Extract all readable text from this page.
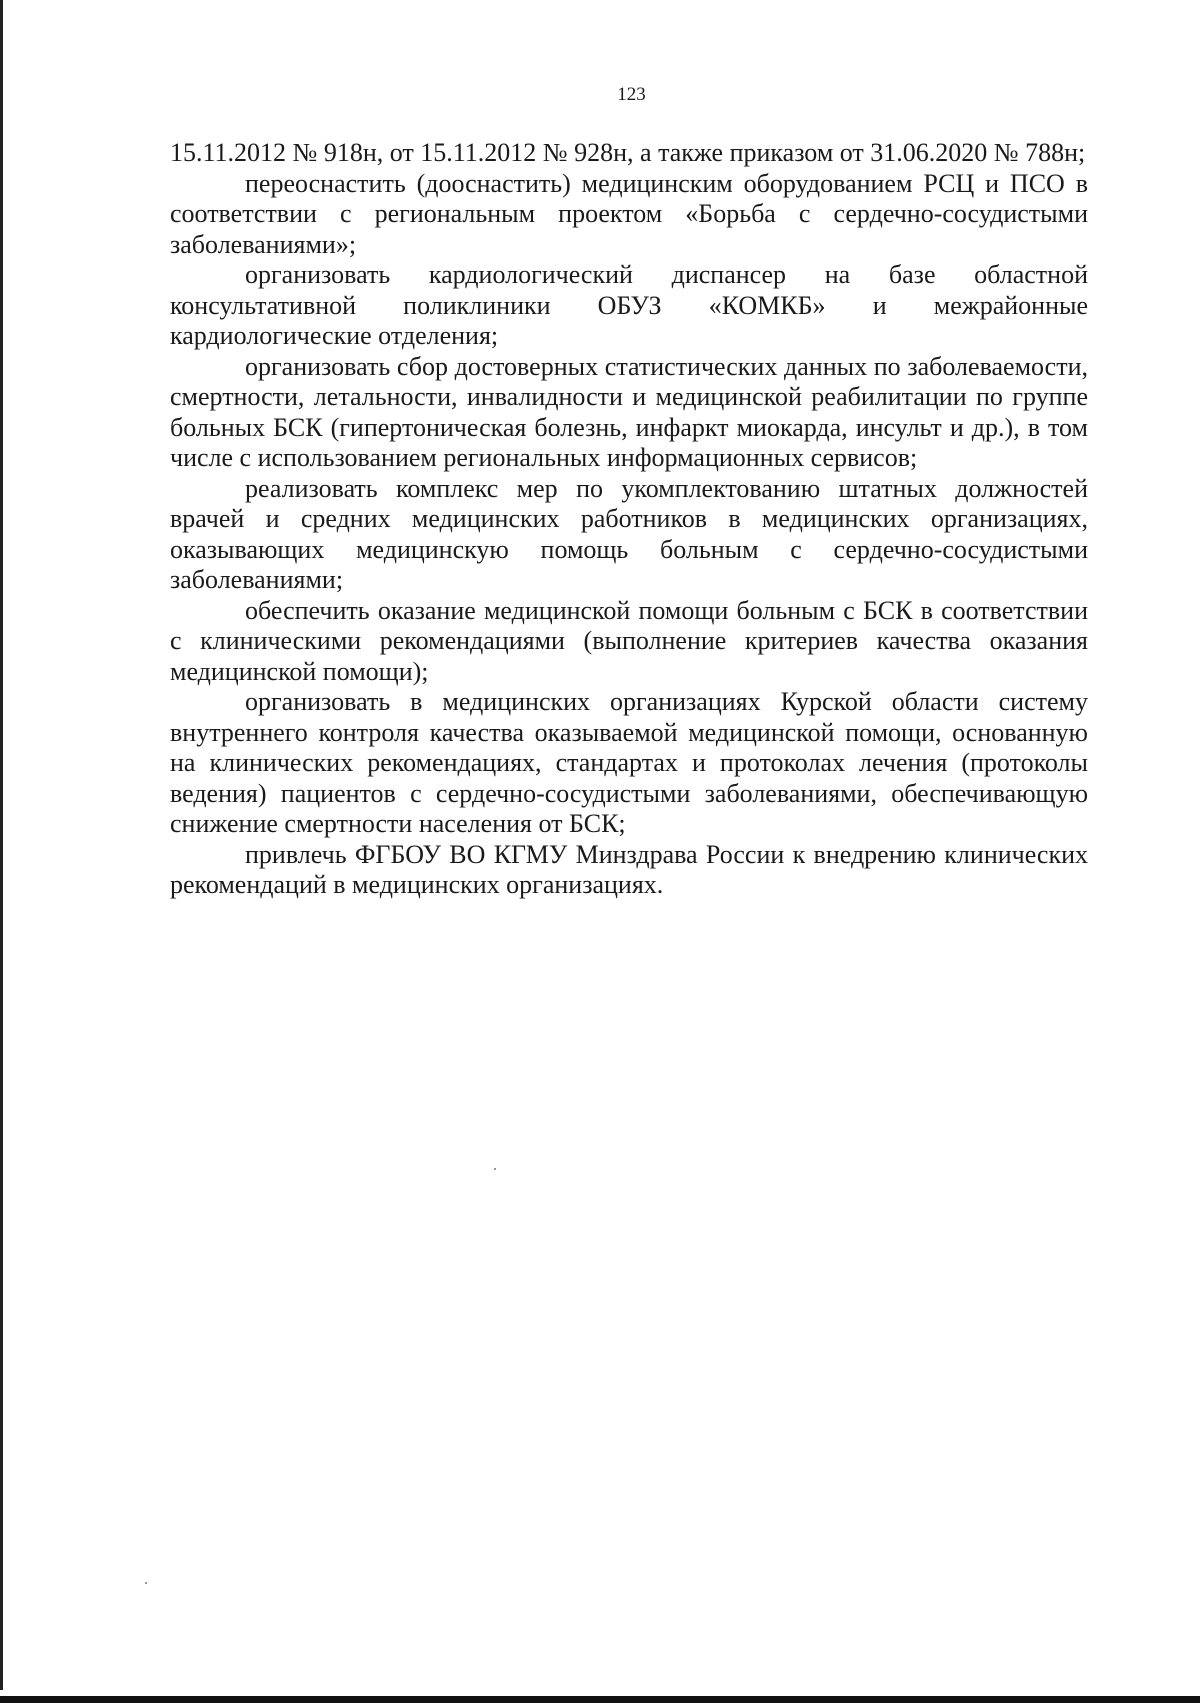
123

15.11.2012 № 918н, от 15.11.2012 № 928н, а также приказом от 31.06.2020 № 788н;

переоснастить (дооснастить) медицинским оборудованием РСЦ и ПСО в соответствии с региональным проектом «Борьба с сердечно-сосудистыми заболеваниями»;

организовать кардиологический диспансер на базе областной консультативной поликлиники ОБУЗ «КОМКБ» и межрайонные кардиологические отделения;

организовать сбор достоверных статистических данных по заболеваемости, смертности, летальности, инвалидности и медицинской реабилитации по группе больных БСК (гипертоническая болезнь, инфаркт миокарда, инсульт и др.), в том числе с использованием региональных информационных сервисов;

реализовать комплекс мер по укомплектованию штатных должностей врачей и средних медицинских работников в медицинских организациях, оказывающих медицинскую помощь больным с сердечно-сосудистыми заболеваниями;

обеспечить оказание медицинской помощи больным с БСК в соответствии с клиническими рекомендациями (выполнение критериев качества оказания медицинской помощи);

организовать в медицинских организациях Курской области систему внутреннего контроля качества оказываемой медицинской помощи, основанную на клинических рекомендациях, стандартах и протоколах лечения (протоколы ведения) пациентов с сердечно-сосудистыми заболеваниями, обеспечивающую снижение смертности населения от БСК;

привлечь ФГБОУ ВО КГМУ Минздрава России к внедрению клинических рекомендаций в медицинских организациях.
